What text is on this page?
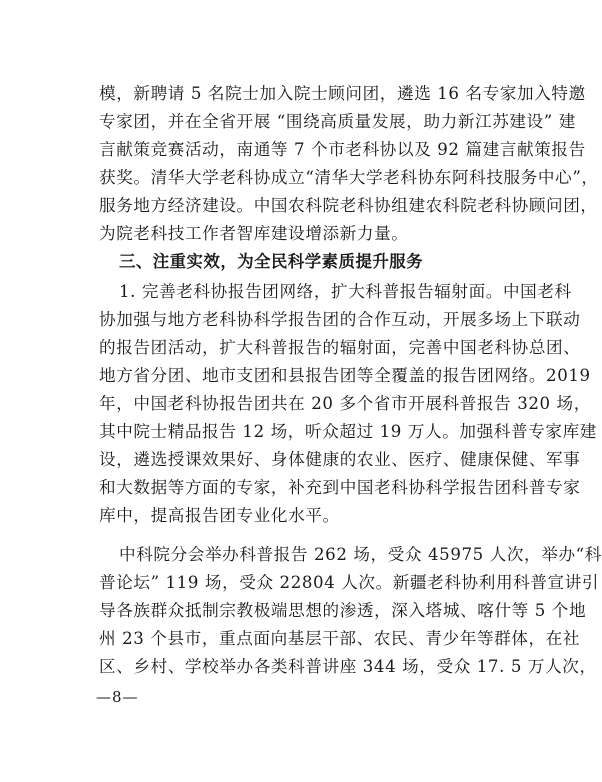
模，新聘请 5 名院士加入院士顾问团，遴选 16 名专家加入特邀
专家团，并在全省开展 “围绕高质量发展，助力新江苏建设” 建
言献策竞赛活动，南通等 7 个市老科协以及 92 篇建言献策报告
获奖。清华大学老科协成立“清华大学老科协东阿科技服务中心”，
服务地方经济建设。中国农科院老科协组建农科院老科协顾问团，
为院老科技工作者智库建设增添新力量。
三、注重实效，为全民科学素质提升服务
1. 完善老科协报告团网络，扩大科普报告辐射面。中国老科
协加强与地方老科协科学报告团的合作互动，开展多场上下联动
的报告团活动，扩大科普报告的辐射面，完善中国老科协总团、
地方省分团、地市支团和县报告团等全覆盖的报告团网络。2019
年，中国老科协报告团共在 20 多个省市开展科普报告 320 场，
其中院士精品报告 12 场，听众超过 19 万人。加强科普专家库建
设，遴选授课效果好、身体健康的农业、医疗、健康保健、军事
和大数据等方面的专家，补充到中国老科协科学报告团科普专家
库中，提高报告团专业化水平。
中科院分会举办科普报告 262 场，受众 45975 人次，举办“科
普论坛” 119 场，受众 22804 人次。新疆老科协利用科普宣讲引
导各族群众抵制宗教极端思想的渗透，深入塔城、喀什等 5 个地
州 23 个县市，重点面向基层干部、农民、青少年等群体，在社
区、乡村、学校举办各类科普讲座 344 场，受众 17. 5 万人次，
—8—
